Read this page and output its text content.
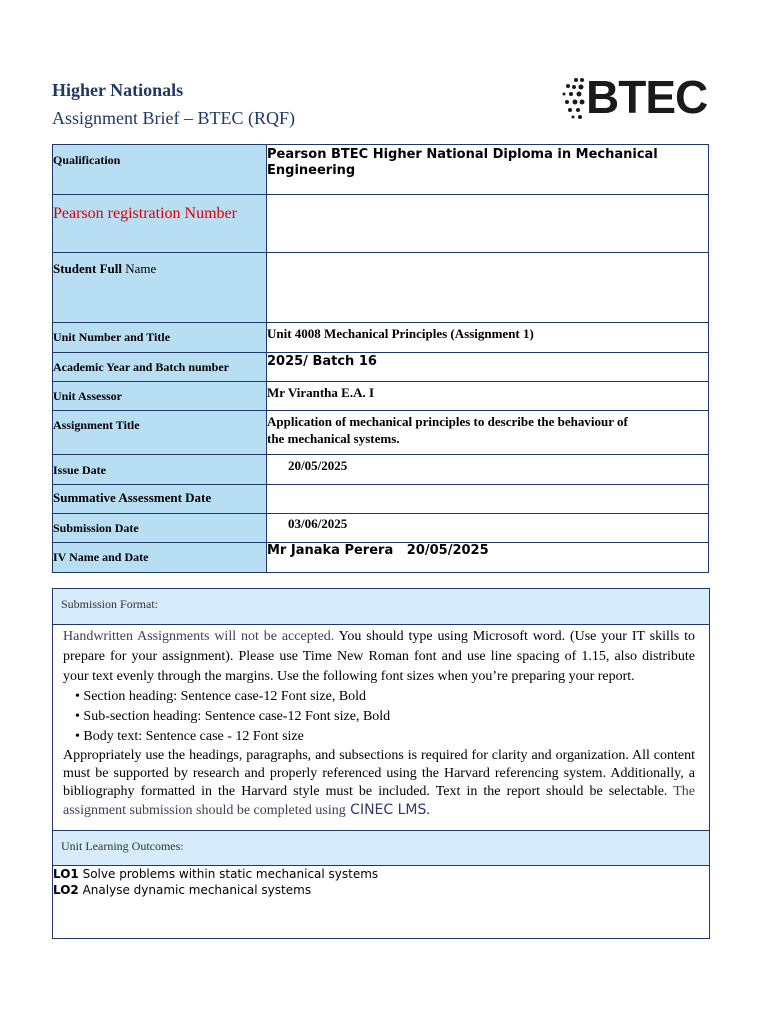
Higher Nationals
Assignment Brief – BTEC (RQF)	BTEC
Qualification	Pearson BTEC Higher National Diploma in Mechanical Engineering
Pearson registration Number	
Student Full Name	
Unit Number and Title	Unit 4008 Mechanical Principles (Assignment 1)
Academic Year and Batch number	2025/ Batch 16
Unit Assessor	Mr Virantha E.A. I
Assignment Title	Application of mechanical principles to describe the behaviour of the mechanical systems.
Issue Date	20/05/2025

Summative Assessment Date	

Submission Date	03/06/2025
IV Name and Date	Mr Janaka Perera   20/05/2025
Submission Format:
Handwritten Assignments will not be accepted. You should type using Microsoft word. (Use your IT skills to prepare for your assignment). Please use Time New Roman font and use line spacing of 1.15, also distribute your text evenly through the margins. Use the following font sizes when you’re preparing your report.
• Section heading: Sentence case-12 Font size, Bold
• Sub-section heading: Sentence case-12 Font size, Bold
• Body text: Sentence case - 12 Font size
Appropriately use the headings, paragraphs, and subsections is required for clarity and organization. All content must be supported by research and properly referenced using the Harvard referencing system. Additionally, a bibliography formatted in the Harvard style must be included. Text in the report should be selectable. The assignment submission should be completed using CINEC LMS.
Unit Learning Outcomes:
LO1 Solve problems within static mechanical systems
LO2 Analyse dynamic mechanical systems
